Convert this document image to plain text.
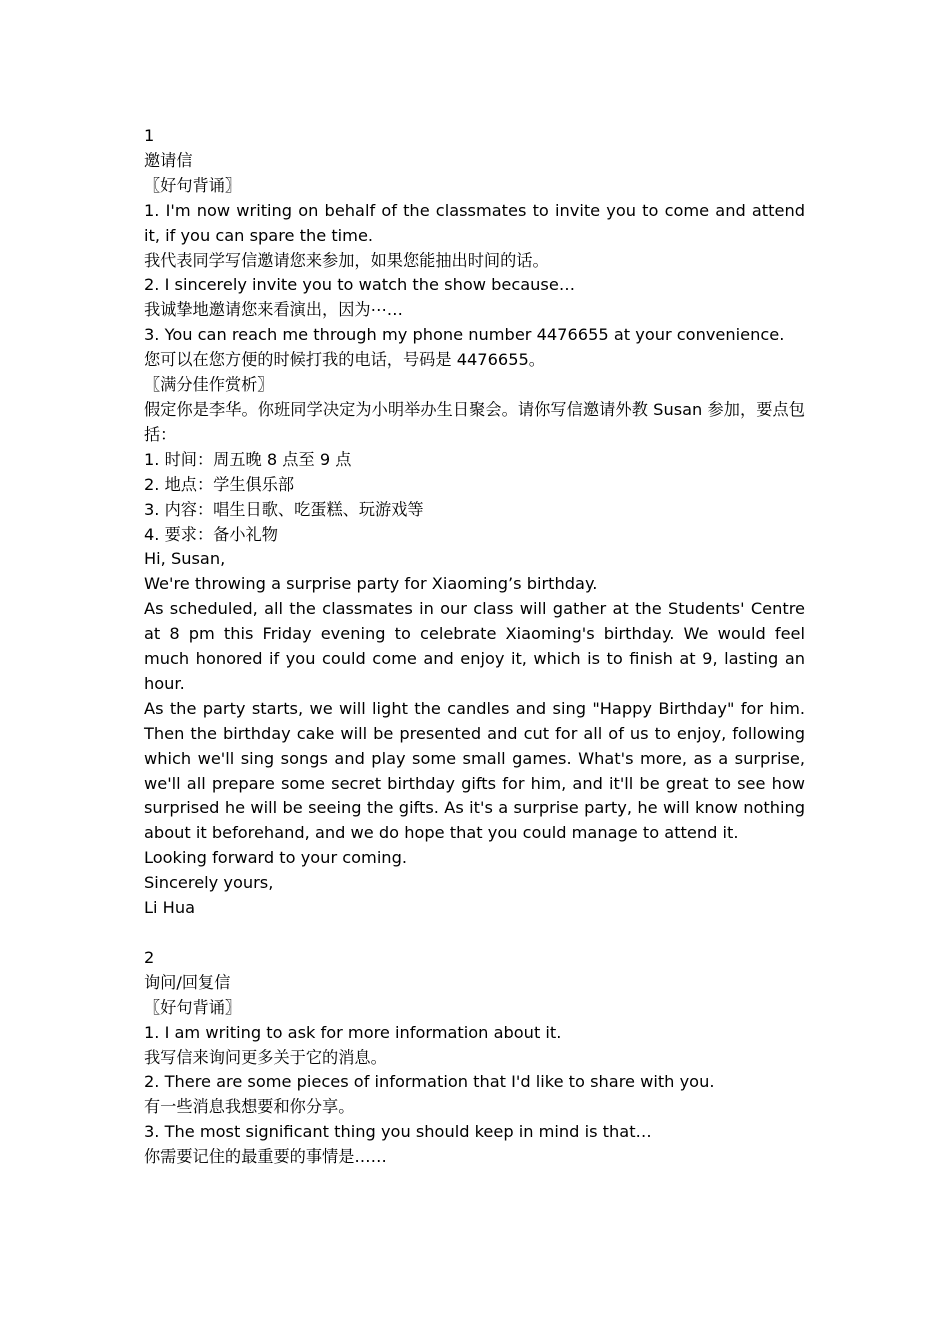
1

邀请信

〖好句背诵〗

1. I'm now writing on behalf of the classmates to invite you to come and attend it, if you can spare the time.

我代表同学写信邀请您来参加，如果您能抽出时间的话。

2. I sincerely invite you to watch the show because…

我诚挚地邀请您来看演出，因为⋯…

3. You can reach me through my phone number 4476655 at your convenience.

您可以在您方便的时候打我的电话，号码是 4476655。

〖满分佳作赏析〗

假定你是李华。你班同学决定为小明举办生日聚会。请你写信邀请外教 Susan 参加，要点包括：

1. 时间：周五晚 8 点至 9 点

2. 地点：学生俱乐部

3. 内容：唱生日歌、吃蛋糕、玩游戏等

4. 要求：备小礼物

Hi, Susan,

We're throwing a surprise party for Xiaoming’s birthday.

As scheduled, all the classmates in our class will gather at the Students' Centre at 8 pm this Friday evening to celebrate Xiaoming's birthday. We would feel much honored if you could come and enjoy it, which is to finish at 9, lasting an hour.

As the party starts, we will light the candles and sing "Happy Birthday" for him. Then the birthday cake will be presented and cut for all of us to enjoy, following which we'll sing songs and play some small games. What's more, as a surprise, we'll all prepare some secret birthday gifts for him, and it'll be great to see how surprised he will be seeing the gifts. As it's a surprise party, he will know nothing about it beforehand, and we do hope that you could manage to attend it.

Looking forward to your coming.

Sincerely yours,

Li Hua

2

询问/回复信

〖好句背诵〗

1. I am writing to ask for more information about it.

我写信来询问更多关于它的消息。

2. There are some pieces of information that I'd like to share with you.

有一些消息我想要和你分享。

3. The most significant thing you should keep in mind is that…

你需要记住的最重要的事情是……
